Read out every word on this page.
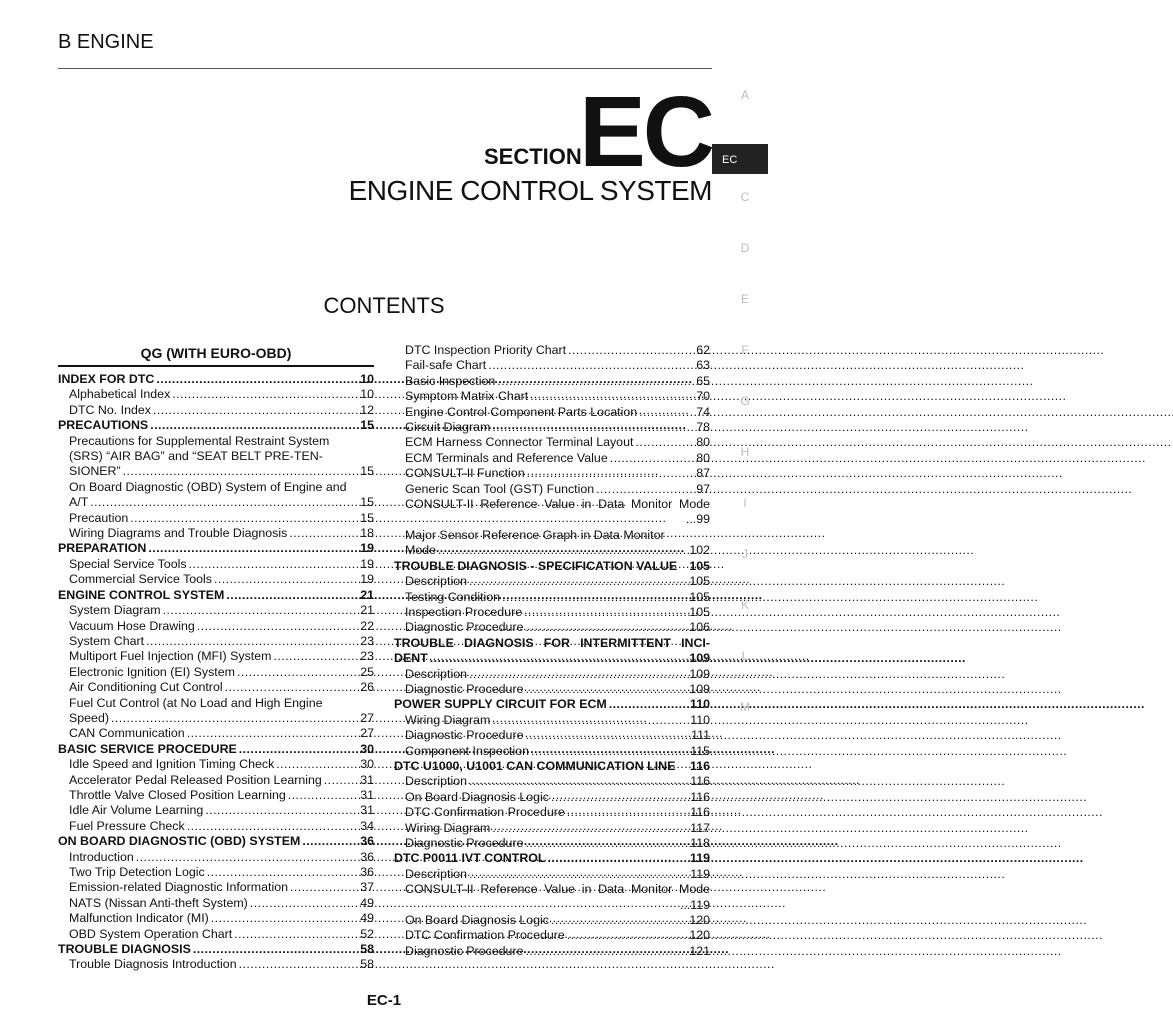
B ENGINE
SECTION
EC
ENGINE CONTROL SYSTEM
CONTENTS
QG (WITH EURO-OBD)
INDEX FOR DTC . . .	10
Alphabetical Index . . .	10
DTC No. Index . . .	12
PRECAUTIONS . . .	15
Precautions for Supplemental Restraint System
(SRS) “AIR BAG” and “SEAT BELT PRE-TEN-
SIONER” . . .	15
On Board Diagnostic (OBD) System of Engine and
A/T . . .	15
Precaution . . .	15
Wiring Diagrams and Trouble Diagnosis . . .	18
PREPARATION . . .	19
Special Service Tools . . .	19
Commercial Service Tools . . .	19
ENGINE CONTROL SYSTEM . . .	21
System Diagram . . .	21
Vacuum Hose Drawing . . .	22
System Chart . . .	23
Multiport Fuel Injection (MFI) System . . .	23
Electronic Ignition (EI) System . . .	25
Air Conditioning Cut Control . . .	26
Fuel Cut Control (at No Load and High Engine
Speed) . . .	27
CAN Communication . . .	27
BASIC SERVICE PROCEDURE . . .	30
Idle Speed and Ignition Timing Check . . .	30
Accelerator Pedal Released Position Learning . . .	31
Throttle Valve Closed Position Learning . . .	31
Idle Air Volume Learning . . .	31
Fuel Pressure Check . . .	34
ON BOARD DIAGNOSTIC (OBD) SYSTEM . . .	36
Introduction . . .	36
Two Trip Detection Logic . . .	36
Emission-related Diagnostic Information . . .	37
NATS (Nissan Anti-theft System) . . .	49
Malfunction Indicator (MI) . . .	49
OBD System Operation Chart . . .	52
TROUBLE DIAGNOSIS . . .	58
Trouble Diagnosis Introduction . . .	58
DTC Inspection Priority Chart . . .	62
Fail-safe Chart . . .	63
Basic Inspection . . .	65
Symptom Matrix Chart . . .	70
Engine Control Component Parts Location . . .	74
Circuit Diagram . . .	78
ECM Harness Connector Terminal Layout . . .	80
ECM Terminals and Reference Value . . .	80
CONSULT-II Function . . .	87
Generic Scan Tool (GST) Function . . .	97
CONSULT-II Reference Value in Data Monitor Mode
... 99
Major Sensor Reference Graph in Data Monitor
Mode . . .	102
TROUBLE DIAGNOSIS - SPECIFICATION VALUE 105
Description . . .	105
Testing Condition . . .	105
Inspection Procedure . . .	105
Diagnostic Procedure . . .	106
TROUBLE DIAGNOSIS FOR INTERMITTENT INCI-
DENT . . .	109
Description . . .	109
Diagnostic Procedure . . .	109
POWER SUPPLY CIRCUIT FOR ECM . . .	110
Wiring Diagram . . .	110
Diagnostic Procedure . . .	111
Component Inspection . . .	115
DTC U1000, U1001 CAN COMMUNICATION LINE 116
Description . . .	116
On Board Diagnosis Logic . . .	116
DTC Confirmation Procedure . . .	116
Wiring Diagram . . .	117
Diagnostic Procedure . . .	118
DTC P0011 IVT CONTROL . . .	119
Description . . .	119
CONSULT-II Reference Value in Data Monitor Mode
... 119
On Board Diagnosis Logic . . .	120
DTC Confirmation Procedure . . .	120
Diagnostic Procedure . . .	121
A
EC
C
D
E
F
G
H
I
J
K
L
M
EC-1
